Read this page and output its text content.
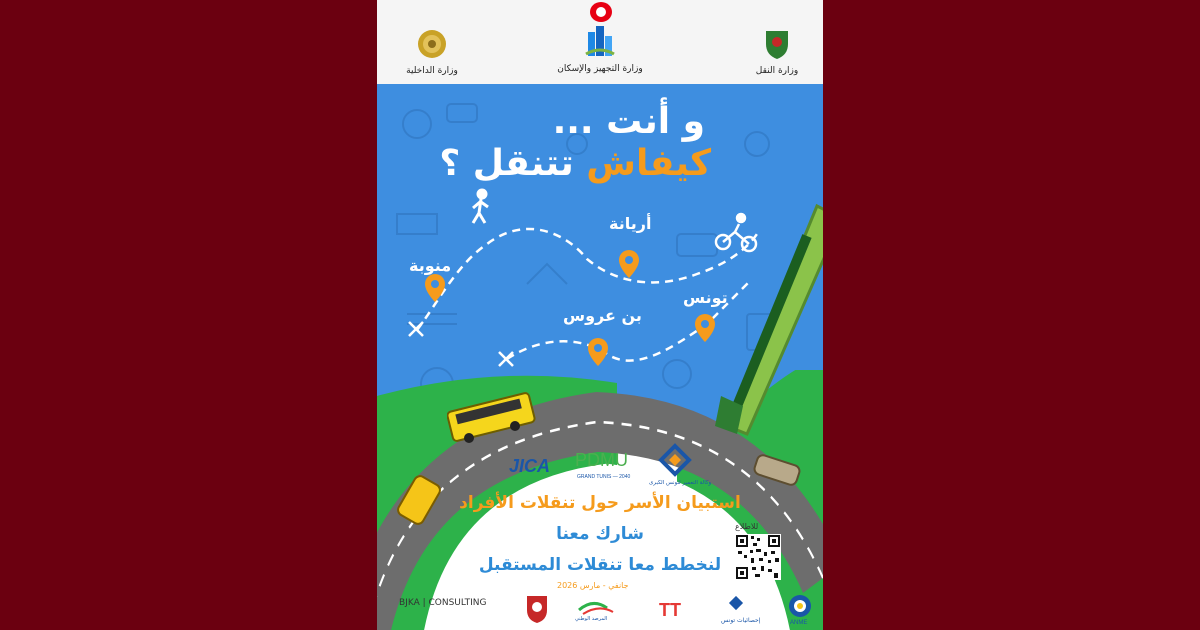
وزارة النقل
وزارة التجهيز والإسكان
وزارة الداخلية
و أنت ...
كيفاش تتنقل ؟
منوبة
أريانة
تونس
بن عروس
JICA PDMU
GRAND TUNIS — 2040
وكالة التعمير لتونس الكبرى
استبيان الأسر حول تنقلات الأفراد
شارك معنا
لنخطط معا تنقلات المستقبل
جانفي - مارس 2026
للاطلاع
BJKA | CONSULTING
المرصد الوطني	TT
إحصائيات تونس	ANME
